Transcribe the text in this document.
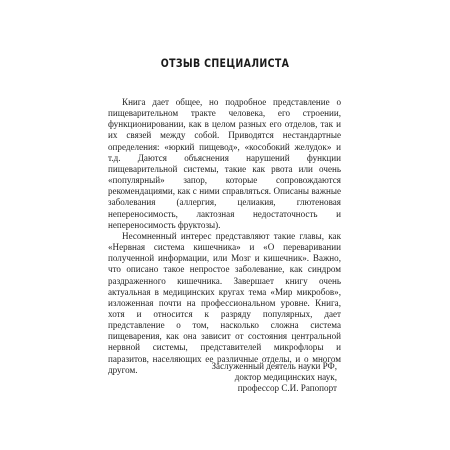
ОТЗЫВ СПЕЦИАЛИСТА

Книга дает общее, но подробное представление о пищеварительном тракте человека, его строении, функционировании, как в целом разных его отделов, так и их связей между собой. Приводятся нестандартные определения: «юркий пищевод», «кособокий желудок» и т.д. Даются объяснения нарушений функции пищеварительной системы, такие как рвота или очень «популярный» запор, которые сопровождаются рекомендациями, как с ними справляться. Описаны важные заболевания (аллергия, целиакия, глютеновая непереносимость, лактозная недостаточность и непереносимость фруктозы).

Несомненный интерес представляют такие главы, как «Нервная система кишечника» и «О переваривании полученной информации, или Мозг и кишечник». Важно, что описано такое непростое заболевание, как синдром раздраженного кишечника. Завершает книгу очень актуальная в медицинских кругах тема «Мир микробов», изложенная почти на профессиональном уровне. Книга, хотя и относится к разряду популярных, дает представление о том, насколько сложна система пищеварения, как она зависит от состояния центральной нервной системы, представителей микрофлоры и паразитов, населяющих ее различные отделы, и о многом другом.	Заслуженный деятель науки РФ,
доктор медицинских наук,
профессор С.И. Рапопорт
